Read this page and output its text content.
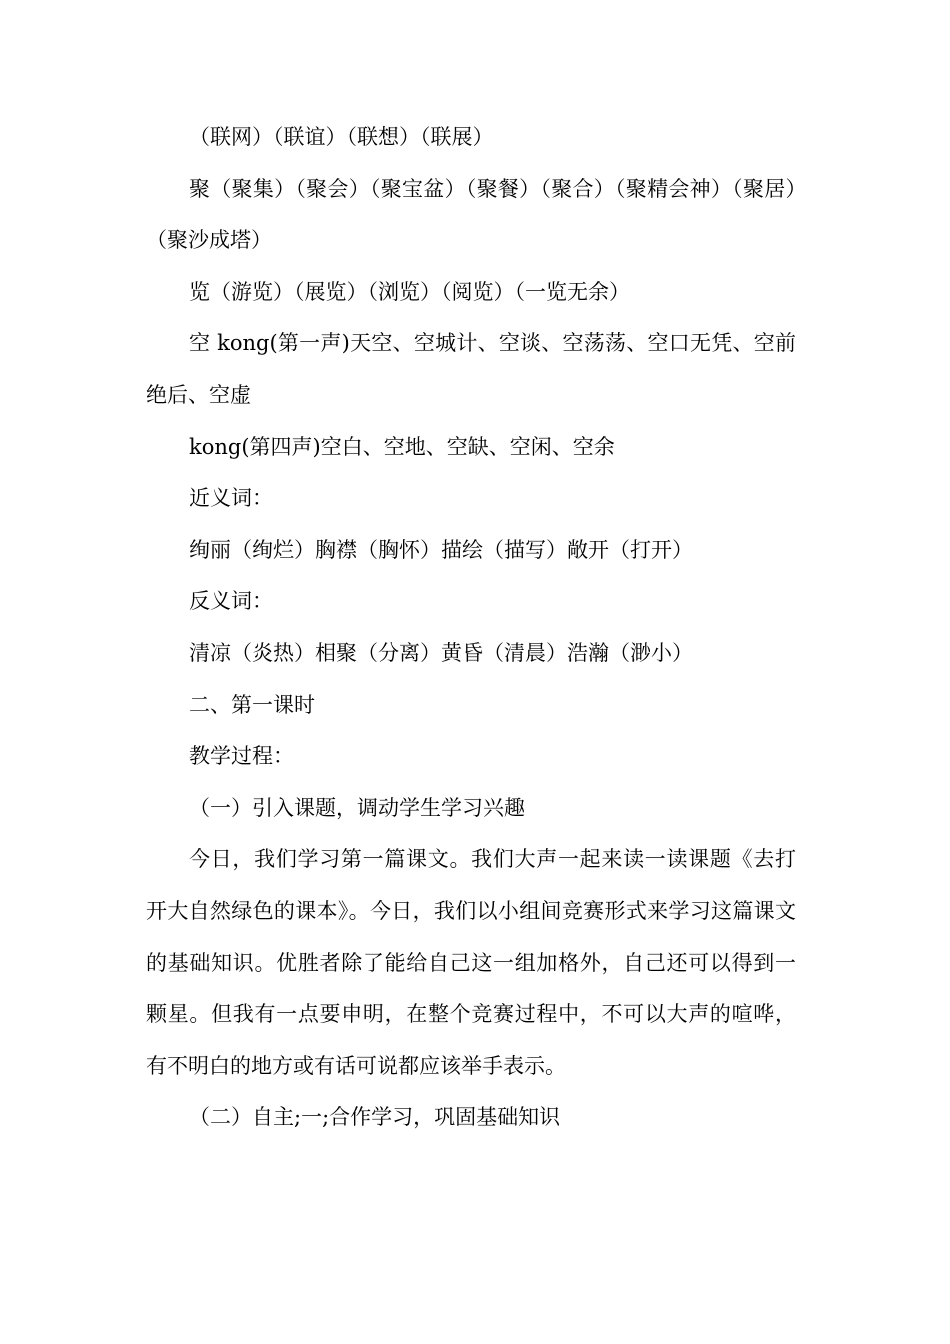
（联网）（联谊）（联想）（联展）

聚（聚集）（聚会）（聚宝盆）（聚餐）（聚合）（聚精会神）（聚居）（聚沙成塔）

览（游览）（展览）（浏览）（阅览）（一览无余）

空 kong(第一声)天空、空城计、空谈、空荡荡、空口无凭、空前绝后、空虚

kong(第四声)空白、空地、空缺、空闲、空余

近义词：

绚丽（绚烂）胸襟（胸怀）描绘（描写）敞开（打开）

反义词：

清凉（炎热）相聚（分离）黄昏（清晨）浩瀚（渺小）

二、第一课时

教学过程：

（一）引入课题，调动学生学习兴趣

今日，我们学习第一篇课文。我们大声一起来读一读课题《去打开大自然绿色的课本》。今日，我们以小组间竞赛形式来学习这篇课文的基础知识。优胜者除了能给自己这一组加格外，自己还可以得到一颗星。但我有一点要申明，在整个竞赛过程中，不可以大声的喧哗，有不明白的地方或有话可说都应该举手表示。

（二）自主;一;合作学习，巩固基础知识
